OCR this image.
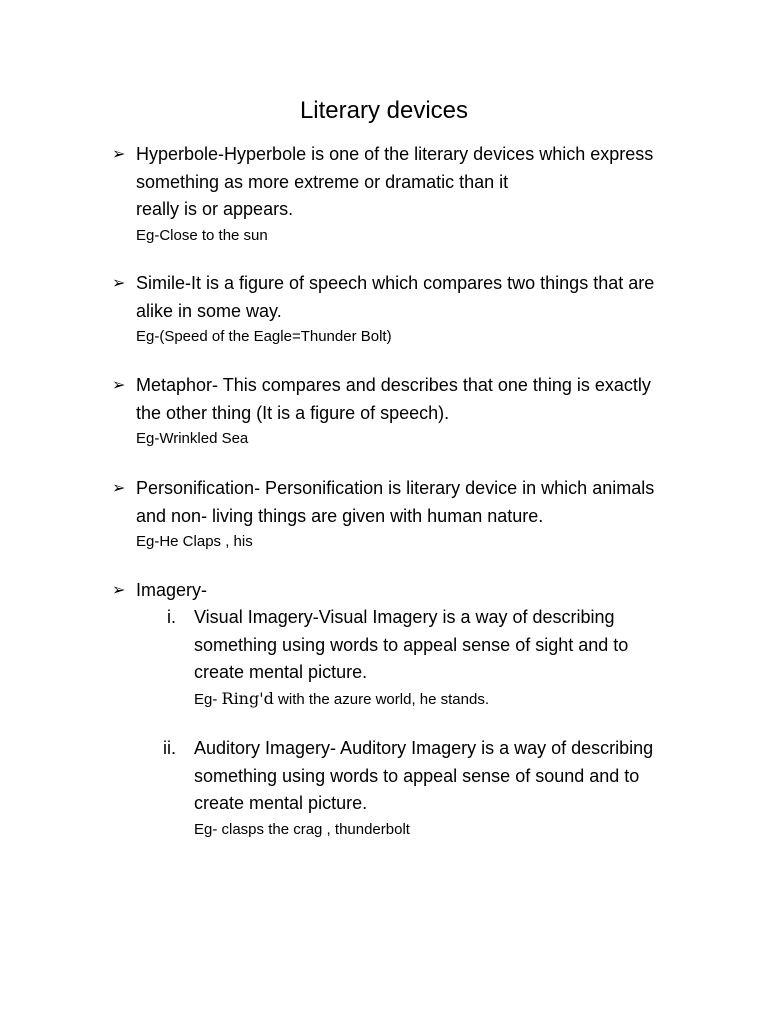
Literary devices
➢ Hyperbole-Hyperbole is one of the literary devices which express
something as more extreme or dramatic than it
really is or appears.
Eg-Close to the sun
➢ Simile-It is a figure of speech which compares two things that are
alike in some way.
Eg-(Speed of the Eagle=Thunder Bolt)
➢ Metaphor- This compares and describes that one thing is exactly
the other thing (It is a figure of speech).
Eg-Wrinkled Sea
➢ Personification- Personification is literary device in which animals
and non- living things are given with human nature.
Eg-He Claps , his
➢ Imagery-
i. Visual Imagery-Visual Imagery is a way of describing
something using words to appeal sense of sight and to
create mental picture.
Eg- Ring'd with the azure world, he stands.
ii. Auditory Imagery- Auditory Imagery is a way of describing
something using words to appeal sense of sound and to
create mental picture.
Eg- clasps the crag , thunderbolt
